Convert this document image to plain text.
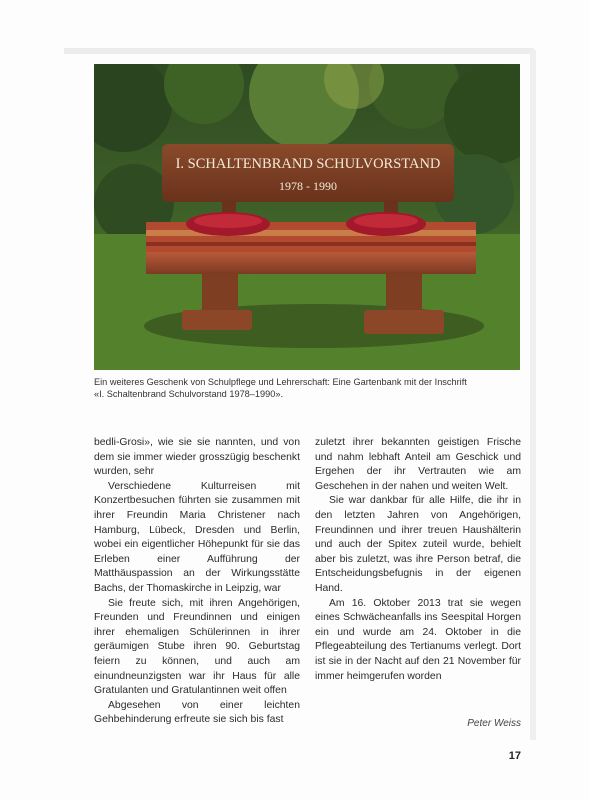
I. SCHALTENBRAND SCHULVORSTAND
1978 - 1990
Ein weiteres Geschenk von Schulpflege und Lehrerschaft: Eine Gartenbank mit der Inschrift
«I. Schaltenbrand Schulvorstand 1978–1990».

bedli-Grosi», wie sie sie nannten, und von dem sie immer wieder grosszügig beschenkt wurden, sehr

Verschiedene Kulturreisen mit Konzertbesuchen führten sie zusammen mit ihrer Freundin Maria Christener nach Hamburg, Lübeck, Dresden und Berlin, wobei ein eigentlicher Höhepunkt für sie das Erleben einer Aufführung der Matthäuspassion an der Wirkungsstätte Bachs, der Thomaskirche in Leipzig, war

Sie freute sich, mit ihren Angehörigen, Freunden und Freundinnen und einigen ihrer ehemaligen Schülerinnen in ihrer geräumigen Stube ihren 90. Geburtstag feiern zu können, und auch am einundneunzigsten war ihr Haus für alle Gratulanten und Gratulantinnen weit offen

Abgesehen von einer leichten Gehbehinderung erfreute sie sich bis fast

zuletzt ihrer bekannten geistigen Frische und nahm lebhaft Anteil am Geschick und Ergehen der ihr Vertrauten wie am Geschehen in der nahen und weiten Welt.

Sie war dankbar für alle Hilfe, die ihr in den letzten Jahren von Angehörigen, Freundinnen und ihrer treuen Haushälterin und auch der Spitex zuteil wurde, behielt aber bis zuletzt, was ihre Person betraf, die Entscheidungsbefugnis in der eigenen Hand.

Am 16. Oktober 2013 trat sie wegen eines Schwächeanfalls ins Seespital Horgen ein und wurde am 24. Oktober in die Pflegeabteilung des Tertianums verlegt. Dort ist sie in der Nacht auf den 21 November für immer heimgerufen worden

Peter Weiss
17
